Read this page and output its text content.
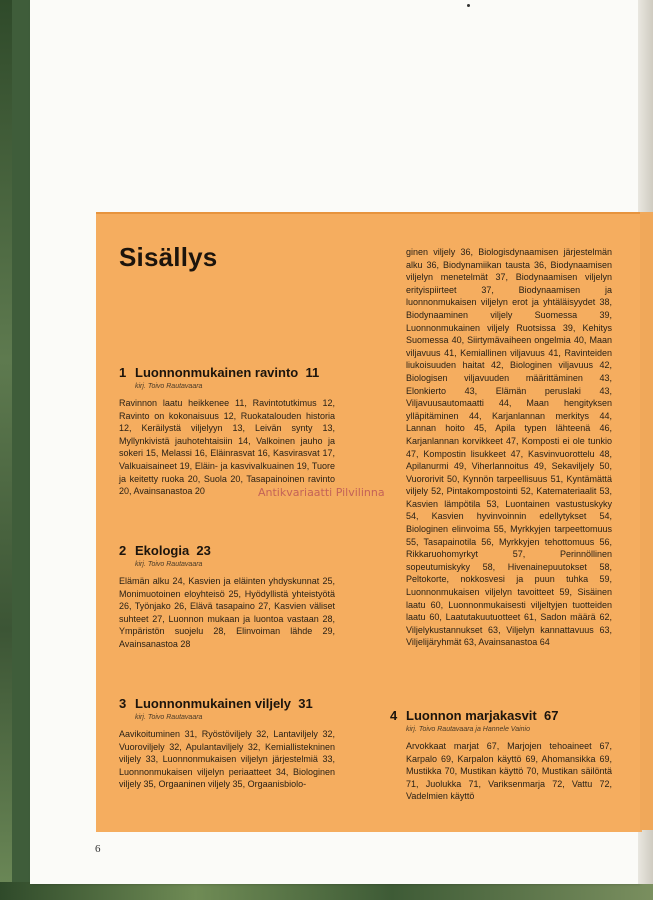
Sisällys
1 Luonnonmukainen ravinto 11
kirj. Toivo Rautavaara
Ravinnon laatu heikkenee 11, Ravintotutkimus 12, Ravinto on kokonaisuus 12, Ruokatalouden historia 12, Keräilystä viljelyyn 13, Leivän synty 13, Myllynkivistä jauhotehtaisiin 14, Valkoinen jauho ja sokeri 15, Melassi 16, Eläinrasvat 16, Kasvirasvat 17, Valkuaisaineet 19, Eläin- ja kasvivalkuainen 19, Tuore ja keitetty ruoka 20, Suola 20, Tasapainoinen ravinto 20, Avainsanastoa 20
2 Ekologia 23
kirj. Toivo Rautavaara
Elämän alku 24, Kasvien ja eläinten yhdyskunnat 25, Monimuotoinen eloyhteisö 25, Hyödyllistä yhteistyötä 26, Työnjako 26, Elävä tasapaino 27, Kasvien väliset suhteet 27, Luonnon mukaan ja luontoa vastaan 28, Ympäristön suojelu 28, Elinvoiman lähde 29, Avainsanastoa 28
3 Luonnonmukainen viljely 31
kirj. Toivo Rautavaara
Aavikoituminen 31, Ryöstöviljely 32, Lantaviljely 32, Vuoroviljely 32, Apulantaviljely 32, Kemiallistekninen viljely 33, Luonnonmukaisen viljelyn järjestelmiä 33, Luonnonmukaisen viljelyn periaatteet 34, Biologinen viljely 35, Orgaaninen viljely 35, Orgaanisbiolo-
ginen viljely 36, Biologisdynaamisen järjestelmän alku 36, Biodynamiikan tausta 36, Biodynaamisen viljelyn menetelmät 37, Biodynaamisen viljelyn erityispiirteet 37, Biodynaamisen ja luonnonmukaisen viljelyn erot ja yhtäläisyydet 38, Biodynaaminen viljely Suomessa 39, Luonnonmukainen viljely Ruotsissa 39, Kehitys Suomessa 40, Siirtymävaiheen ongelmia 40, Maan viljavuus 41, Kemiallinen viljavuus 41, Ravinteiden liukoisuuden haitat 42, Biologinen viljavuus 42, Biologisen viljavuuden määrittäminen 43, Elonkierto 43, Elämän peruslaki 43, Viljavuusautomaatti 44, Maan hengityksen ylläpitäminen 44, Karjanlannan merkitys 44, Lannan hoito 45, Apila typen lähteenä 46, Karjanlannan korvikkeet 47, Komposti ei ole tunkio 47, Kompostin lisukkeet 47, Kasvinvuorottelu 48, Apilanurmi 49, Viherlannoitus 49, Sekaviljely 50, Vuororivit 50, Kynnön tarpeellisuus 51, Kyntämättä viljely 52, Pintakompostointi 52, Katemateriaalit 53, Kasvien lämpötila 53, Luontainen vastustuskyky 54, Kasvien hyvinvoinnin edellytykset 54, Biologinen elinvoima 55, Myrkkyjen tarpeettomuus 55, Tasapainotila 56, Myrkkyjen tehottomuus 56, Rikkaruohomyrkyt 57, Perinnöllinen sopeutumiskyky 58, Hivenainepuutokset 58, Peltokorte, nokkosvesi ja puun tuhka 59, Luonnonmukaisen viljelyn tavoitteet 59, Sisäinen laatu 60, Luonnonmukaisesti viljeltyjen tuotteiden laatu 60, Laatutakuutuotteet 61, Sadon määrä 62, Viljelykustannukset 63, Viljelyn kannattavuus 63, Viljelijäryhmät 63, Avainsanastoa 64
4 Luonnon marjakasvit 67
kirj. Toivo Rautavaara ja Hannele Vainio
Arvokkaat marjat 67, Marjojen tehoaineet 67, Karpalo 69, Karpalon käyttö 69, Ahomansikka 69, Mustikka 70, Mustikan käyttö 70, Mustikan säilöntä 71, Juolukka 71, Variksenmarja 72, Vattu 72, Vadelmien käyttö
Antikvariaatti Pilvilinna
6
